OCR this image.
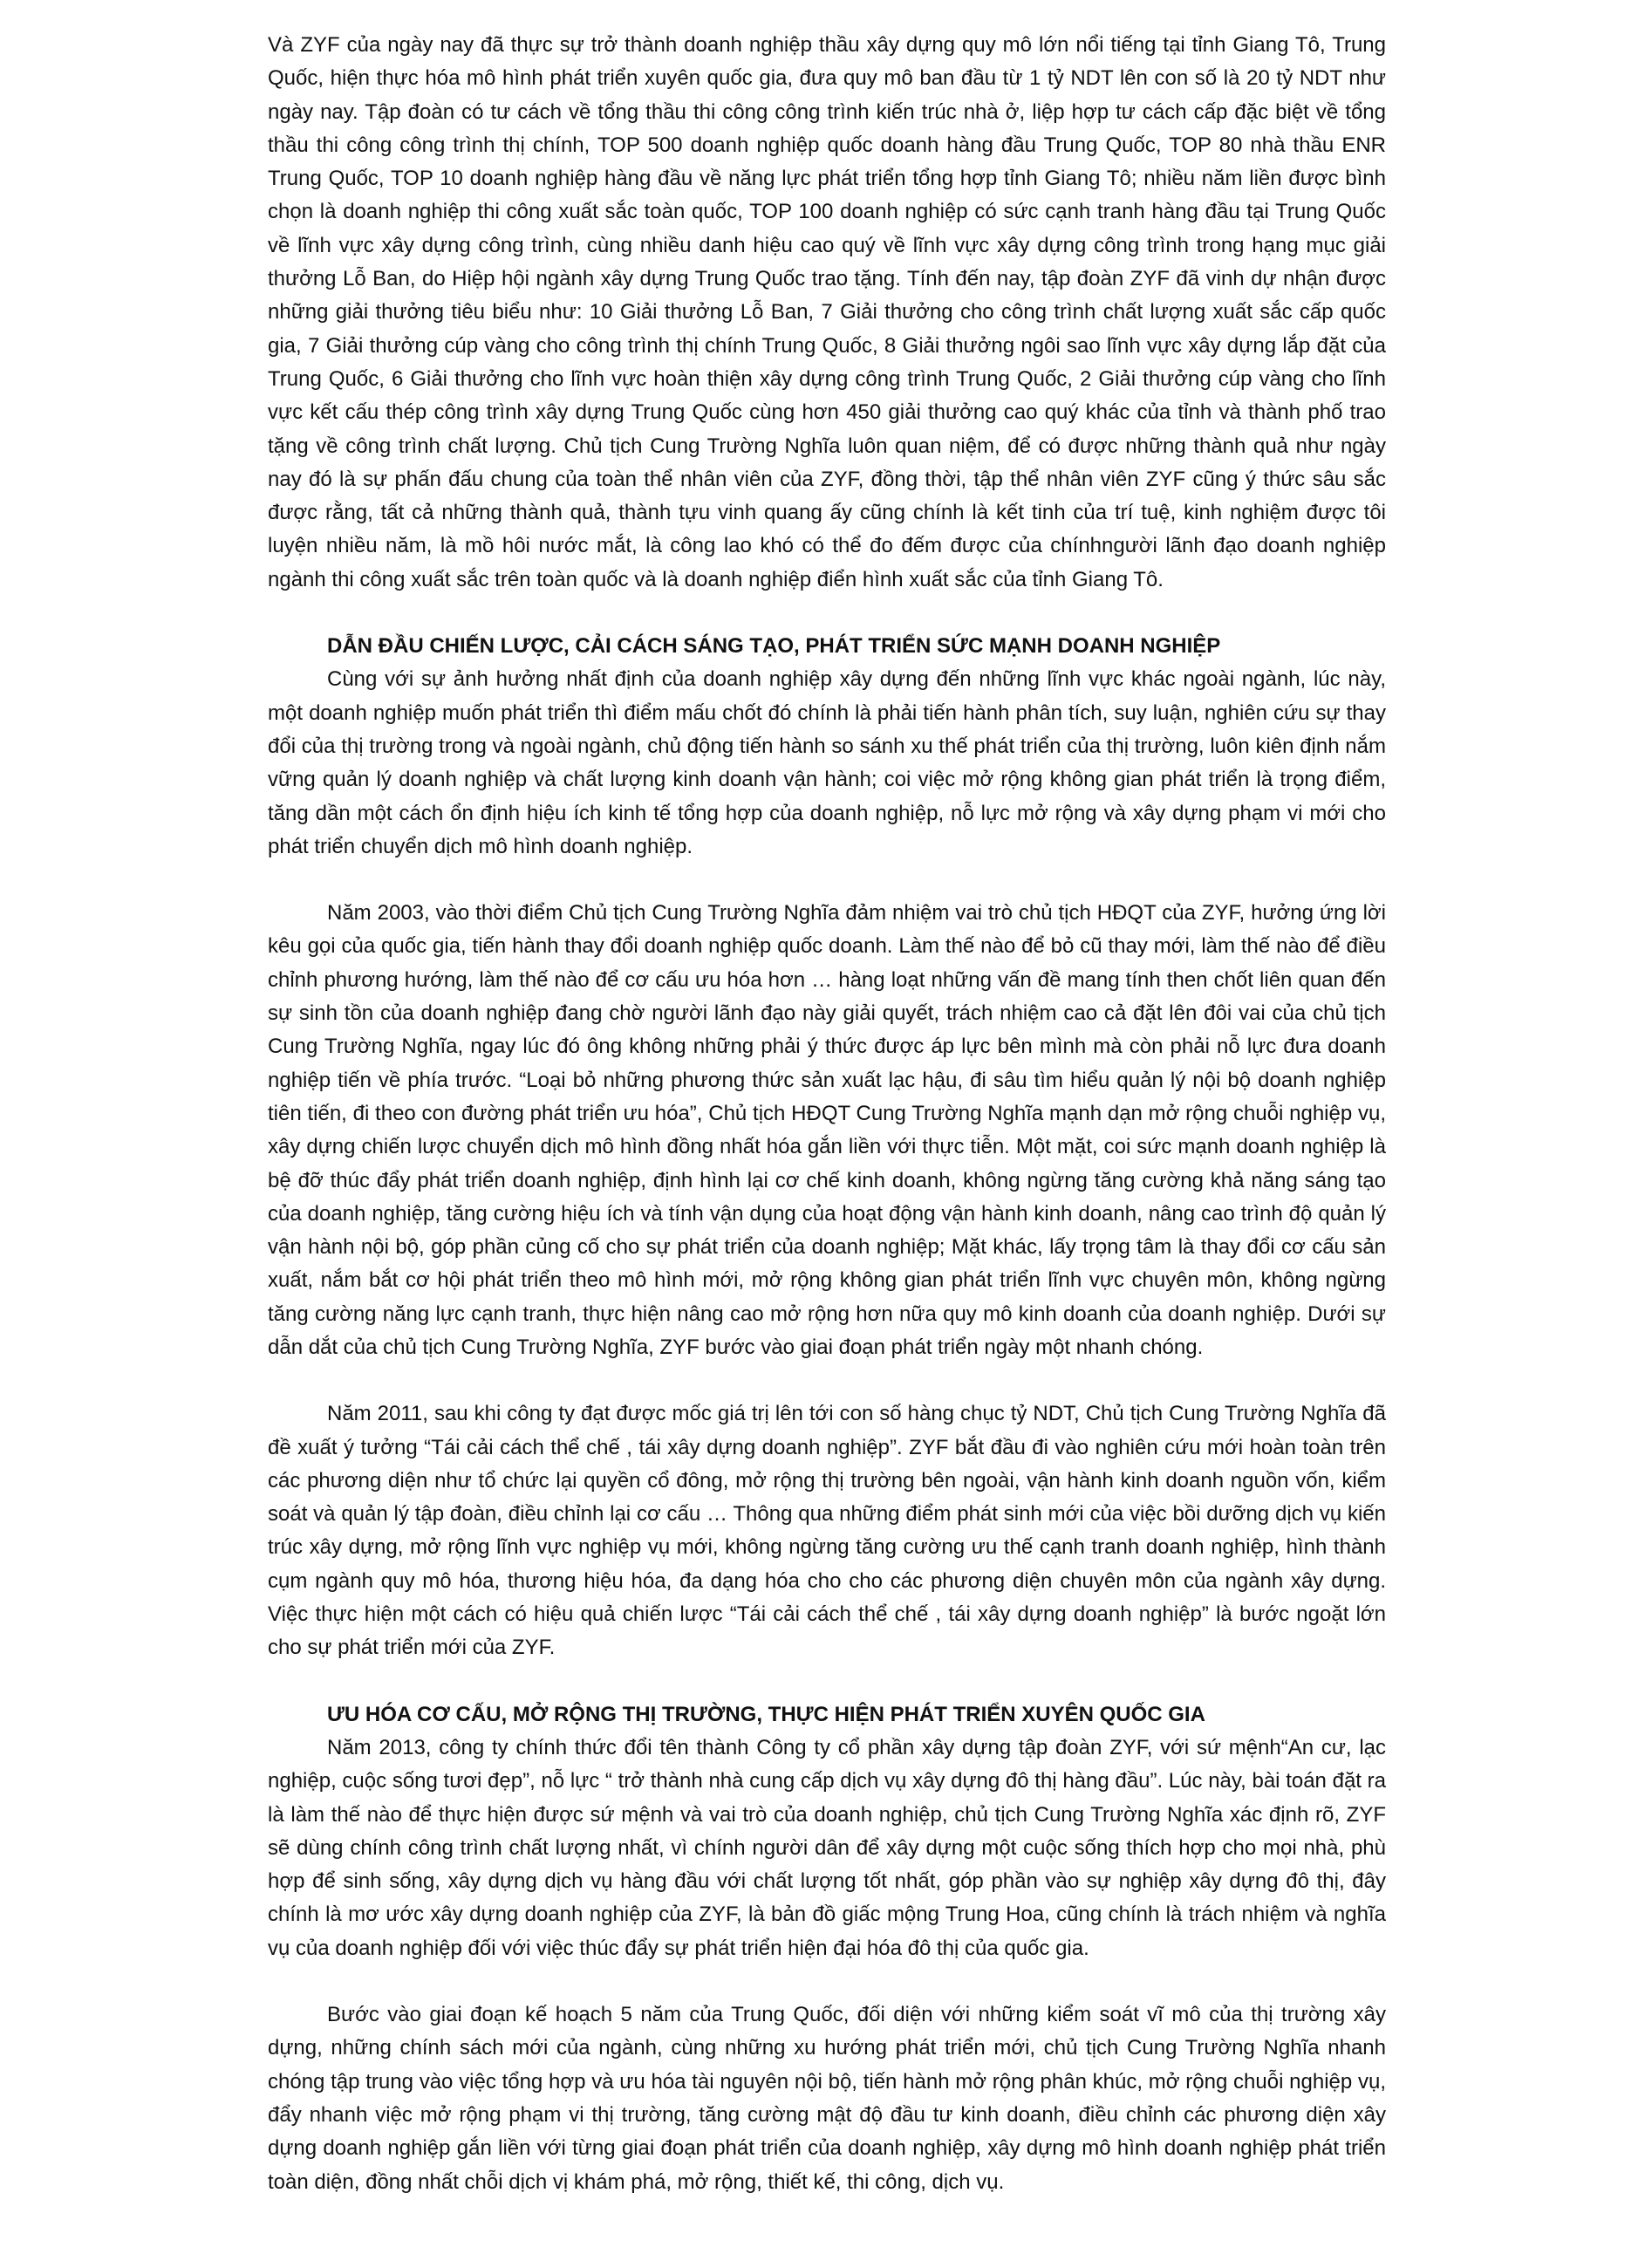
Và ZYF của ngày nay đã thực sự trở thành doanh nghiệp thầu xây dựng quy mô lớn nổi tiếng tại tỉnh Giang Tô, Trung Quốc, hiện thực hóa mô hình phát triển xuyên quốc gia, đưa quy mô ban đầu từ 1 tỷ NDT lên con số là 20 tỷ NDT như ngày nay. Tập đoàn có tư cách về tổng thầu thi công công trình kiến trúc nhà ở, liệp hợp tư cách cấp đặc biệt về tổng thầu thi công công trình thị chính, TOP 500 doanh nghiệp quốc doanh hàng đầu Trung Quốc, TOP 80 nhà thầu ENR Trung Quốc, TOP 10 doanh nghiệp hàng đầu về năng lực phát triển tổng hợp tỉnh Giang Tô; nhiều năm liền được bình chọn là doanh nghiệp thi công xuất sắc toàn quốc, TOP 100 doanh nghiệp có sức cạnh tranh hàng đầu tại Trung Quốc về lĩnh vực xây dựng công trình, cùng nhiều danh hiệu cao quý về lĩnh vực xây dựng công trình trong hạng mục giải thưởng Lỗ Ban, do Hiệp hội ngành xây dựng Trung Quốc trao tặng. Tính đến nay, tập đoàn ZYF đã vinh dự nhận được những giải thưởng tiêu biểu như: 10 Giải thưởng Lỗ Ban, 7 Giải thưởng cho công trình chất lượng xuất sắc cấp quốc gia, 7 Giải thưởng cúp vàng cho công trình thị chính Trung Quốc, 8 Giải thưởng ngôi sao lĩnh vực xây dựng lắp đặt của Trung Quốc, 6 Giải thưởng cho lĩnh vực hoàn thiện xây dựng công trình Trung Quốc, 2 Giải thưởng cúp vàng cho lĩnh vực kết cấu thép công trình xây dựng Trung Quốc cùng hơn 450 giải thưởng cao quý khác của tỉnh và thành phố trao tặng về công trình chất lượng. Chủ tịch Cung Trường Nghĩa luôn quan niệm, để có được những thành quả như ngày nay đó là sự phấn đấu chung của toàn thể nhân viên của ZYF, đồng thời, tập thể nhân viên ZYF cũng ý thức sâu sắc được rằng, tất cả những thành quả, thành tựu vinh quang ấy cũng chính là kết tinh của trí tuệ, kinh nghiệm được tôi luyện nhiều năm, là mồ hôi nước mắt, là công lao khó có thể đo đếm được của chínhngười lãnh đạo doanh nghiệp ngành thi công xuất sắc trên toàn quốc và là doanh nghiệp điển hình xuất sắc của tỉnh Giang Tô.

DẪN ĐẦU CHIẾN LƯỢC, CẢI CÁCH SÁNG TẠO, PHÁT TRIỂN SỨC MẠNH DOANH NGHIỆP

Cùng với sự ảnh hưởng nhất định của doanh nghiệp xây dựng đến những lĩnh vực khác ngoài ngành, lúc này, một doanh nghiệp muốn phát triển thì điểm mấu chốt đó chính là phải tiến hành phân tích, suy luận, nghiên cứu sự thay đổi của thị trường trong và ngoài ngành, chủ động tiến hành so sánh xu thế phát triển của thị trường, luôn kiên định nắm vững quản lý doanh nghiệp và chất lượng kinh doanh vận hành; coi việc mở rộng không gian phát triển là trọng điểm, tăng dần một cách ổn định hiệu ích kinh tế tổng hợp của doanh nghiệp, nỗ lực mở rộng và xây dựng phạm vi mới cho phát triển chuyển dịch mô hình doanh nghiệp.

Năm 2003, vào thời điểm Chủ tịch Cung Trường Nghĩa đảm nhiệm vai trò chủ tịch HĐQT của ZYF, hưởng ứng lời kêu gọi của quốc gia, tiến hành thay đổi doanh nghiệp quốc doanh. Làm thế nào để bỏ cũ thay mới, làm thế nào để điều chỉnh phương hướng, làm thế nào để cơ cấu ưu hóa hơn … hàng loạt những vấn đề mang tính then chốt liên quan đến sự sinh tồn của doanh nghiệp đang chờ người lãnh đạo này giải quyết, trách nhiệm cao cả đặt lên đôi vai của chủ tịch Cung Trường Nghĩa, ngay lúc đó ông không những phải ý thức được áp lực bên mình mà còn phải nỗ lực đưa doanh nghiệp tiến về phía trước. “Loại bỏ những phương thức sản xuất lạc hậu, đi sâu tìm hiểu quản lý nội bộ doanh nghiệp tiên tiến, đi theo con đường phát triển ưu hóa”, Chủ tịch HĐQT Cung Trường Nghĩa mạnh dạn mở rộng chuỗi nghiệp vụ, xây dựng chiến lược chuyển dịch mô hình đồng nhất hóa gắn liền với thực tiễn. Một mặt, coi sức mạnh doanh nghiệp là bệ đỡ thúc đẩy phát triển doanh nghiệp, định hình lại cơ chế kinh doanh, không ngừng tăng cường khả năng sáng tạo của doanh nghiệp, tăng cường hiệu ích và tính vận dụng của hoạt động vận hành kinh doanh, nâng cao trình độ quản lý vận hành nội bộ, góp phần củng cố cho sự phát triển của doanh nghiệp; Mặt khác, lấy trọng tâm là thay đổi cơ cấu sản xuất, nắm bắt cơ hội phát triển theo mô hình mới, mở rộng không gian phát triển lĩnh vực chuyên môn, không ngừng tăng cường năng lực cạnh tranh, thực hiện nâng cao mở rộng hơn nữa quy mô kinh doanh của doanh nghiệp. Dưới sự dẫn dắt của chủ tịch Cung Trường Nghĩa, ZYF bước vào giai đoạn phát triển ngày một nhanh chóng.

Năm 2011, sau khi công ty đạt được mốc giá trị lên tới con số hàng chục tỷ NDT, Chủ tịch Cung Trường Nghĩa đã đề xuất ý tưởng “Tái cải cách thể chế , tái xây dựng doanh nghiệp”. ZYF bắt đầu đi vào nghiên cứu mới hoàn toàn trên các phương diện như tổ chức lại quyền cổ đông, mở rộng thị trường bên ngoài, vận hành kinh doanh nguồn vốn, kiểm soát và quản lý tập đoàn, điều chỉnh lại cơ cấu … Thông qua những điểm phát sinh mới của việc bồi dưỡng dịch vụ kiến trúc xây dựng, mở rộng lĩnh vực nghiệp vụ mới, không ngừng tăng cường ưu thế cạnh tranh doanh nghiệp, hình thành cụm ngành quy mô hóa, thương hiệu hóa, đa dạng hóa cho cho các phương diện chuyên môn của ngành xây dựng. Việc thực hiện một cách có hiệu quả chiến lược “Tái cải cách thể chế , tái xây dựng doanh nghiệp” là bước ngoặt lớn cho sự phát triển mới của ZYF.

ƯU HÓA CƠ CẤU, MỞ RỘNG THỊ TRƯỜNG, THỰC HIỆN PHÁT TRIỂN XUYÊN QUỐC GIA

Năm 2013, công ty chính thức đổi tên thành Công ty cổ phần xây dựng tập đoàn ZYF, với sứ mệnh“An cư, lạc nghiệp, cuộc sống tươi đẹp”, nỗ lực “ trở thành nhà cung cấp dịch vụ xây dựng đô thị hàng đầu”. Lúc này, bài toán đặt ra là làm thế nào để thực hiện được sứ mệnh và vai trò của doanh nghiệp, chủ tịch Cung Trường Nghĩa xác định rõ, ZYF sẽ dùng chính công trình chất lượng nhất, vì chính người dân để xây dựng một cuộc sống thích hợp cho mọi nhà, phù hợp để sinh sống, xây dựng dịch vụ hàng đầu với chất lượng tốt nhất, góp phần vào sự nghiệp xây dựng đô thị, đây chính là mơ ước xây dựng doanh nghiệp của ZYF, là bản đồ giấc mộng Trung Hoa, cũng chính là trách nhiệm và nghĩa vụ của doanh nghiệp đối với việc thúc đẩy sự phát triển hiện đại hóa đô thị của quốc gia.

Bước vào giai đoạn kế hoạch 5 năm của Trung Quốc, đối diện với những kiểm soát vĩ mô của thị trường xây dựng, những chính sách mới của ngành, cùng những xu hướng phát triển mới, chủ tịch Cung Trường Nghĩa nhanh chóng tập trung vào việc tổng hợp và ưu hóa tài nguyên nội bộ, tiến hành mở rộng phân khúc, mở rộng chuỗi nghiệp vụ, đẩy nhanh việc mở rộng phạm vi thị trường, tăng cường mật độ đầu tư kinh doanh, điều chỉnh các phương diện xây dựng doanh nghiệp gắn liền với từng giai đoạn phát triển của doanh nghiệp, xây dựng mô hình doanh nghiệp phát triển toàn diện, đồng nhất chỗi dịch vị khám phá, mở rộng, thiết kế, thi công, dịch vụ.
